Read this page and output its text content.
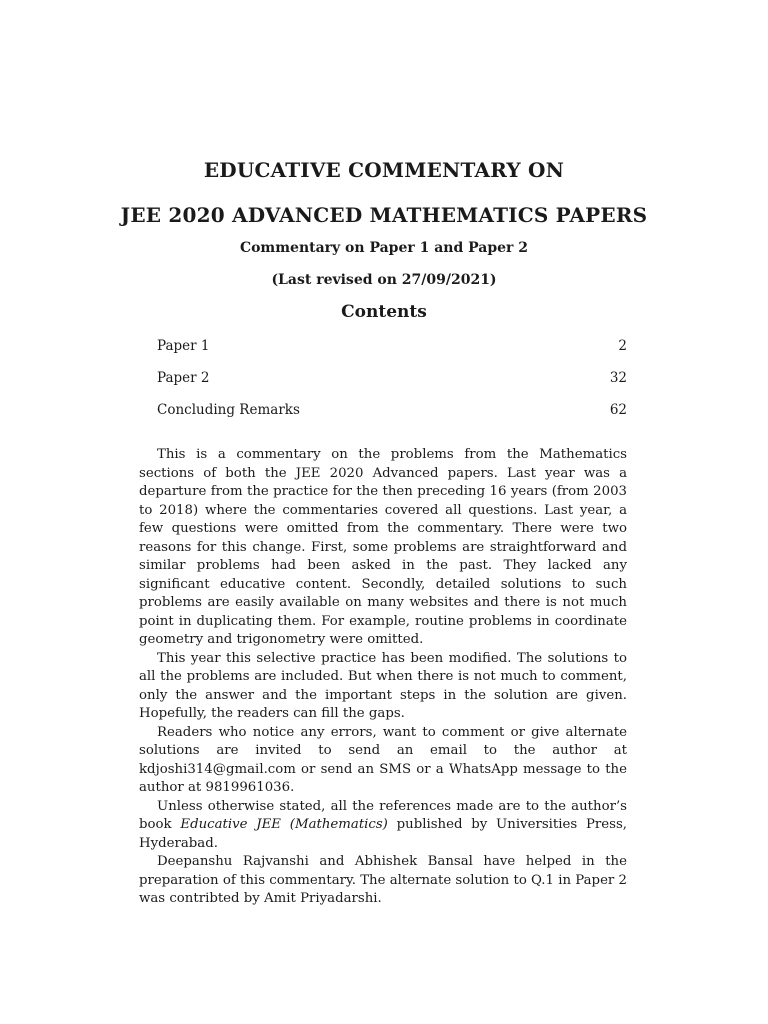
EDUCATIVE COMMENTARY ON
JEE 2020 ADVANCED MATHEMATICS PAPERS
Commentary on Paper 1 and Paper 2
(Last revised on 27/09/2021)
Contents
Paper 1	2
Paper 2	32
Concluding Remarks	62

This is a commentary on the problems from the Mathematics sections of both the JEE 2020 Advanced papers. Last year was a departure from the practice for the then preceding 16 years (from 2003 to 2018) where the commentaries covered all questions. Last year, a few questions were omitted from the commentary. There were two reasons for this change. First, some problems are straightforward and similar problems had been asked in the past. They lacked any significant educative content. Secondly, detailed solutions to such problems are easily available on many websites and there is not much point in duplicating them. For example, routine problems in coordinate geometry and trigonometry were omitted.

This year this selective practice has been modified. The solutions to all the problems are included. But when there is not much to comment, only the answer and the important steps in the solution are given. Hopefully, the readers can fill the gaps.

Readers who notice any errors, want to comment or give alternate solutions are invited to send an email to the author at kdjoshi314@gmail.com or send an SMS or a WhatsApp message to the author at 9819961036.

Unless otherwise stated, all the references made are to the author’s book Educative JEE (Mathematics) published by Universities Press, Hyderabad.

Deepanshu Rajvanshi and Abhishek Bansal have helped in the preparation of this commentary. The alternate solution to Q.1 in Paper 2 was contribted by Amit Priyadarshi.
